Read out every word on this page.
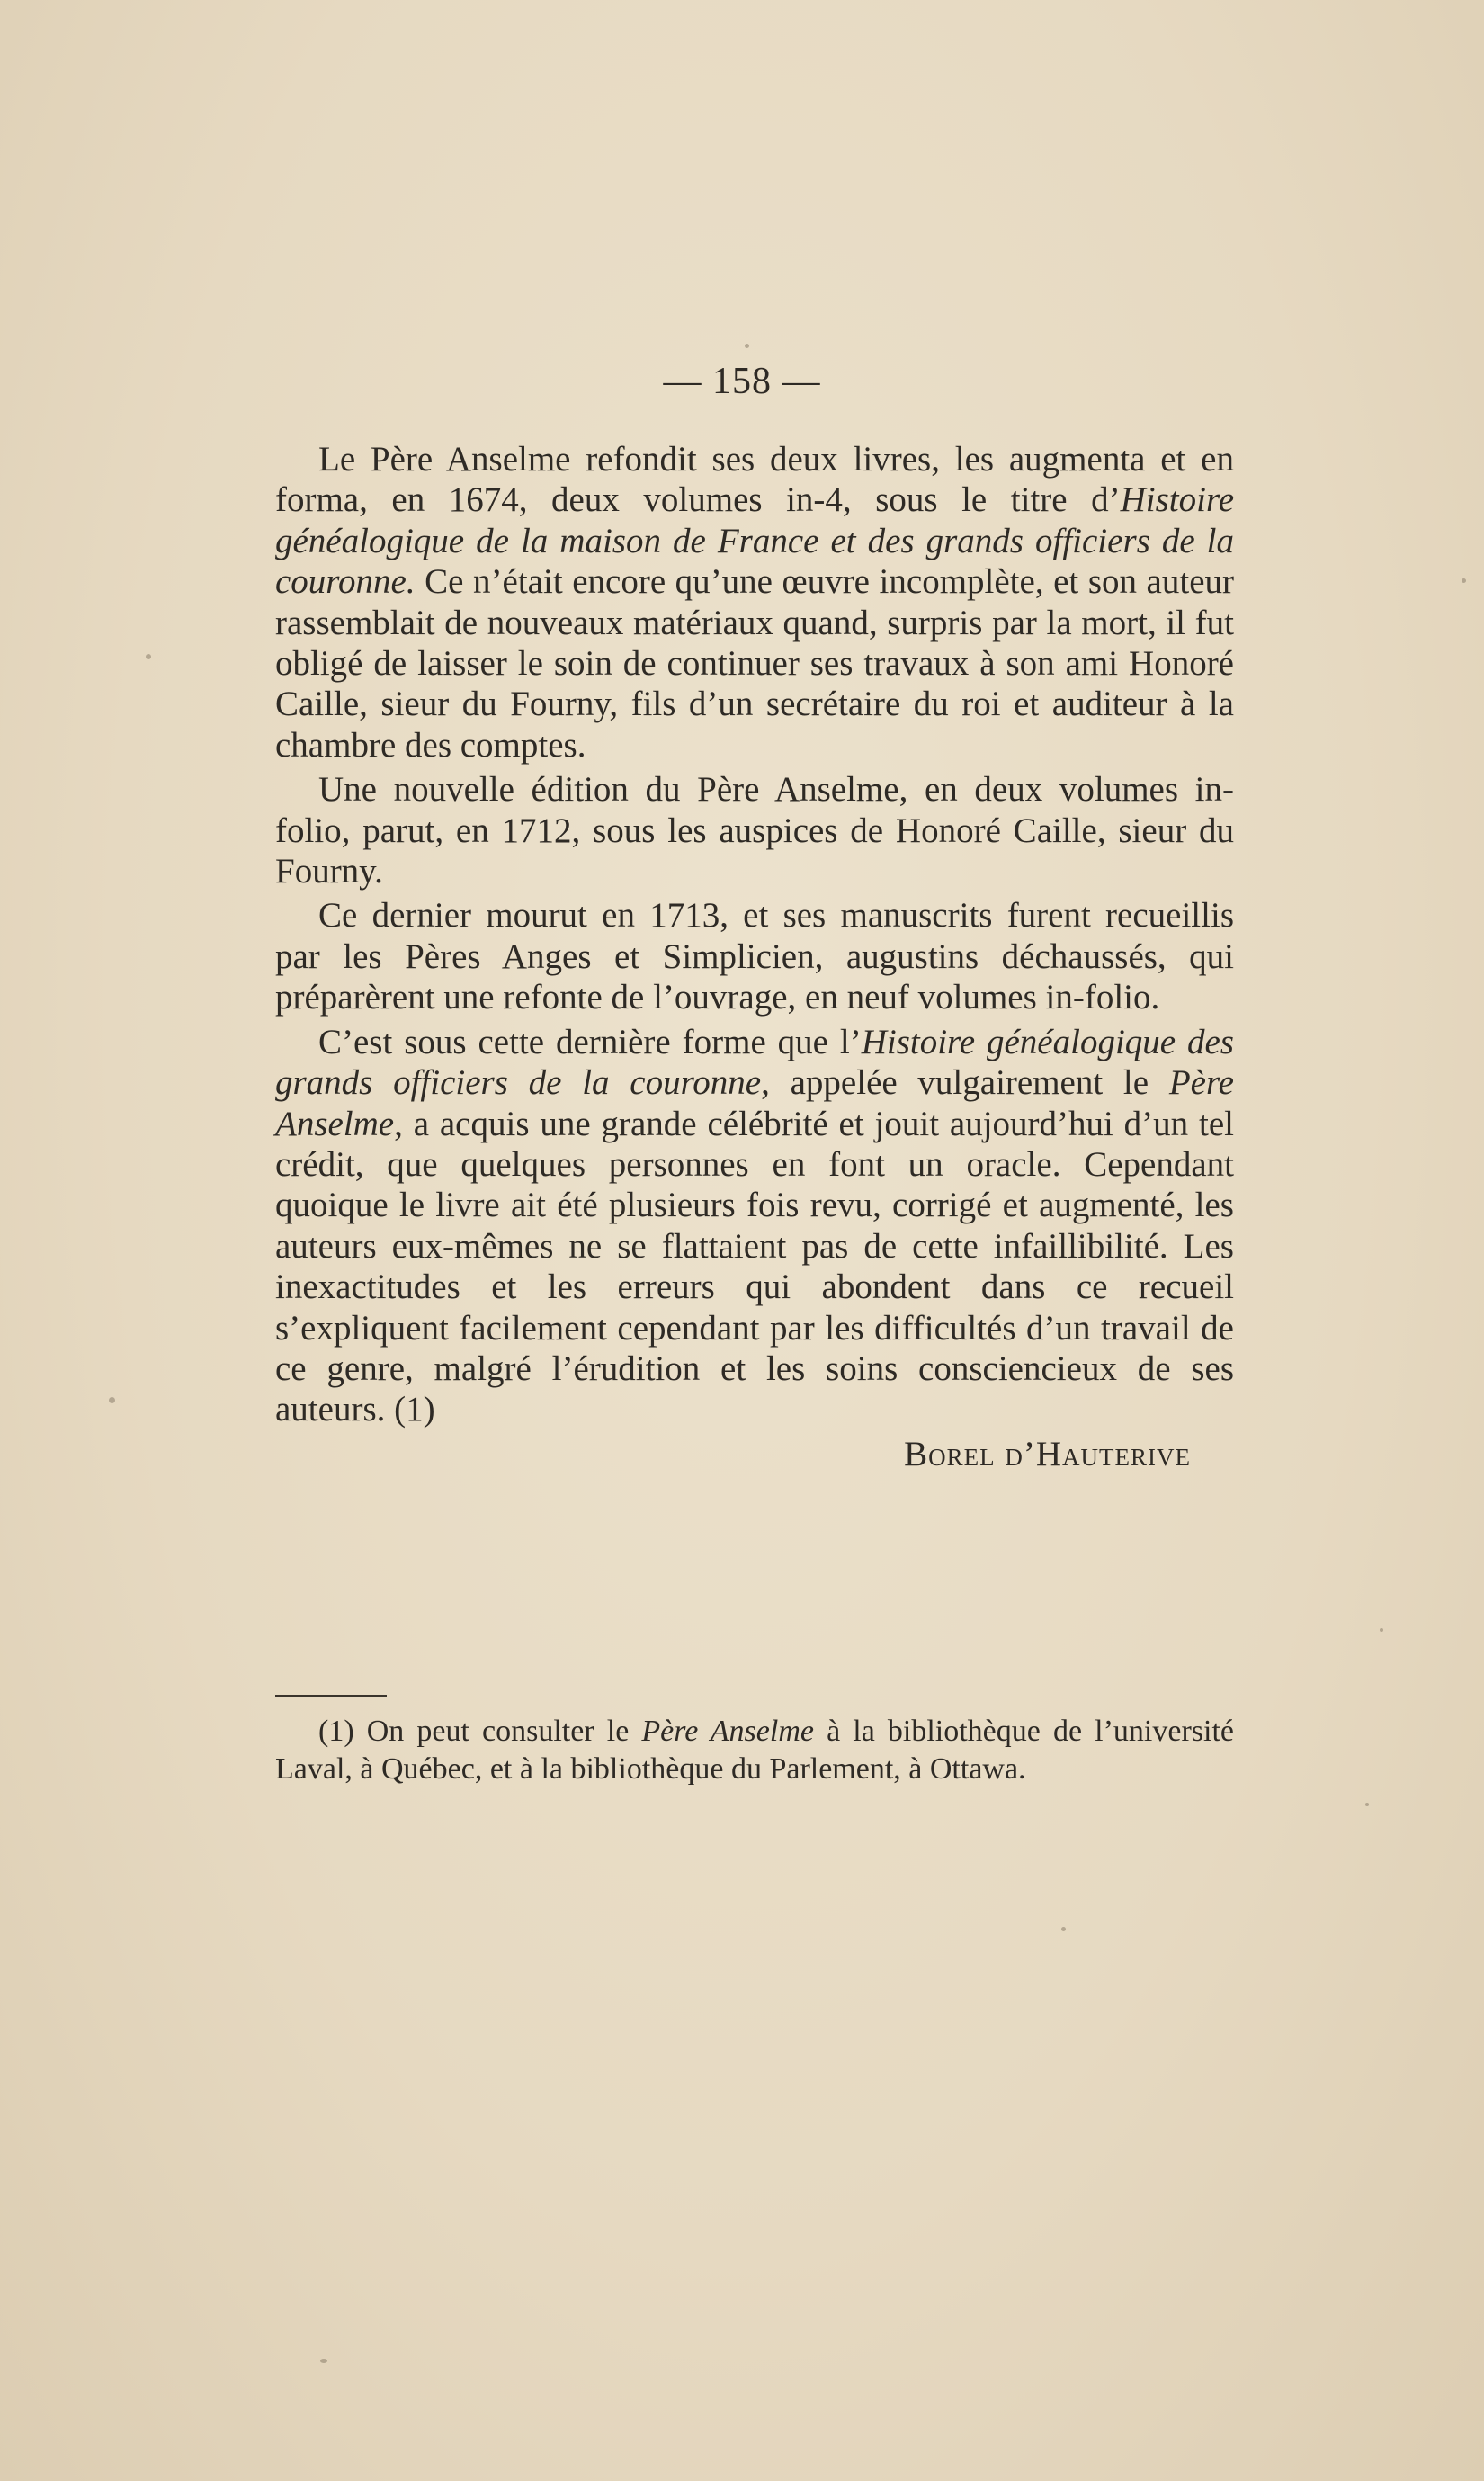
— 158 —

Le Père Anselme refondit ses deux livres, les augmenta et en forma, en 1674, deux volumes in-4, sous le titre d’Histoire généalogique de la maison de France et des grands officiers de la couronne. Ce n’était encore qu’une œuvre incomplète, et son auteur rassemblait de nouveaux matériaux quand, surpris par la mort, il fut obligé de laisser le soin de continuer ses travaux à son ami Honoré Caille, sieur du Fourny, fils d’un secrétaire du roi et auditeur à la chambre des comptes.

Une nouvelle édition du Père Anselme, en deux volumes in-folio, parut, en 1712, sous les auspices de Honoré Caille, sieur du Fourny.

Ce dernier mourut en 1713, et ses manuscrits furent recueillis par les Pères Anges et Simplicien, augustins déchaussés, qui préparèrent une refonte de l’ouvrage, en neuf volumes in-folio.

C’est sous cette dernière forme que l’Histoire généalogique des grands officiers de la couronne, appelée vulgairement le Père Anselme, a acquis une grande célébrité et jouit aujourd’hui d’un tel crédit, que quelques personnes en font un oracle. Cependant quoique le livre ait été plusieurs fois revu, corrigé et augmenté, les auteurs eux-mêmes ne se flattaient pas de cette infaillibilité. Les inexactitudes et les erreurs qui abondent dans ce recueil s’expliquent facilement cependant par les difficultés d’un travail de ce genre, malgré l’érudition et les soins consciencieux de ses auteurs. (1)

Borel d’Hauterive

(1) On peut consulter le Père Anselme à la bibliothèque de l’université Laval, à Québec, et à la bibliothèque du Parlement, à Ottawa.
